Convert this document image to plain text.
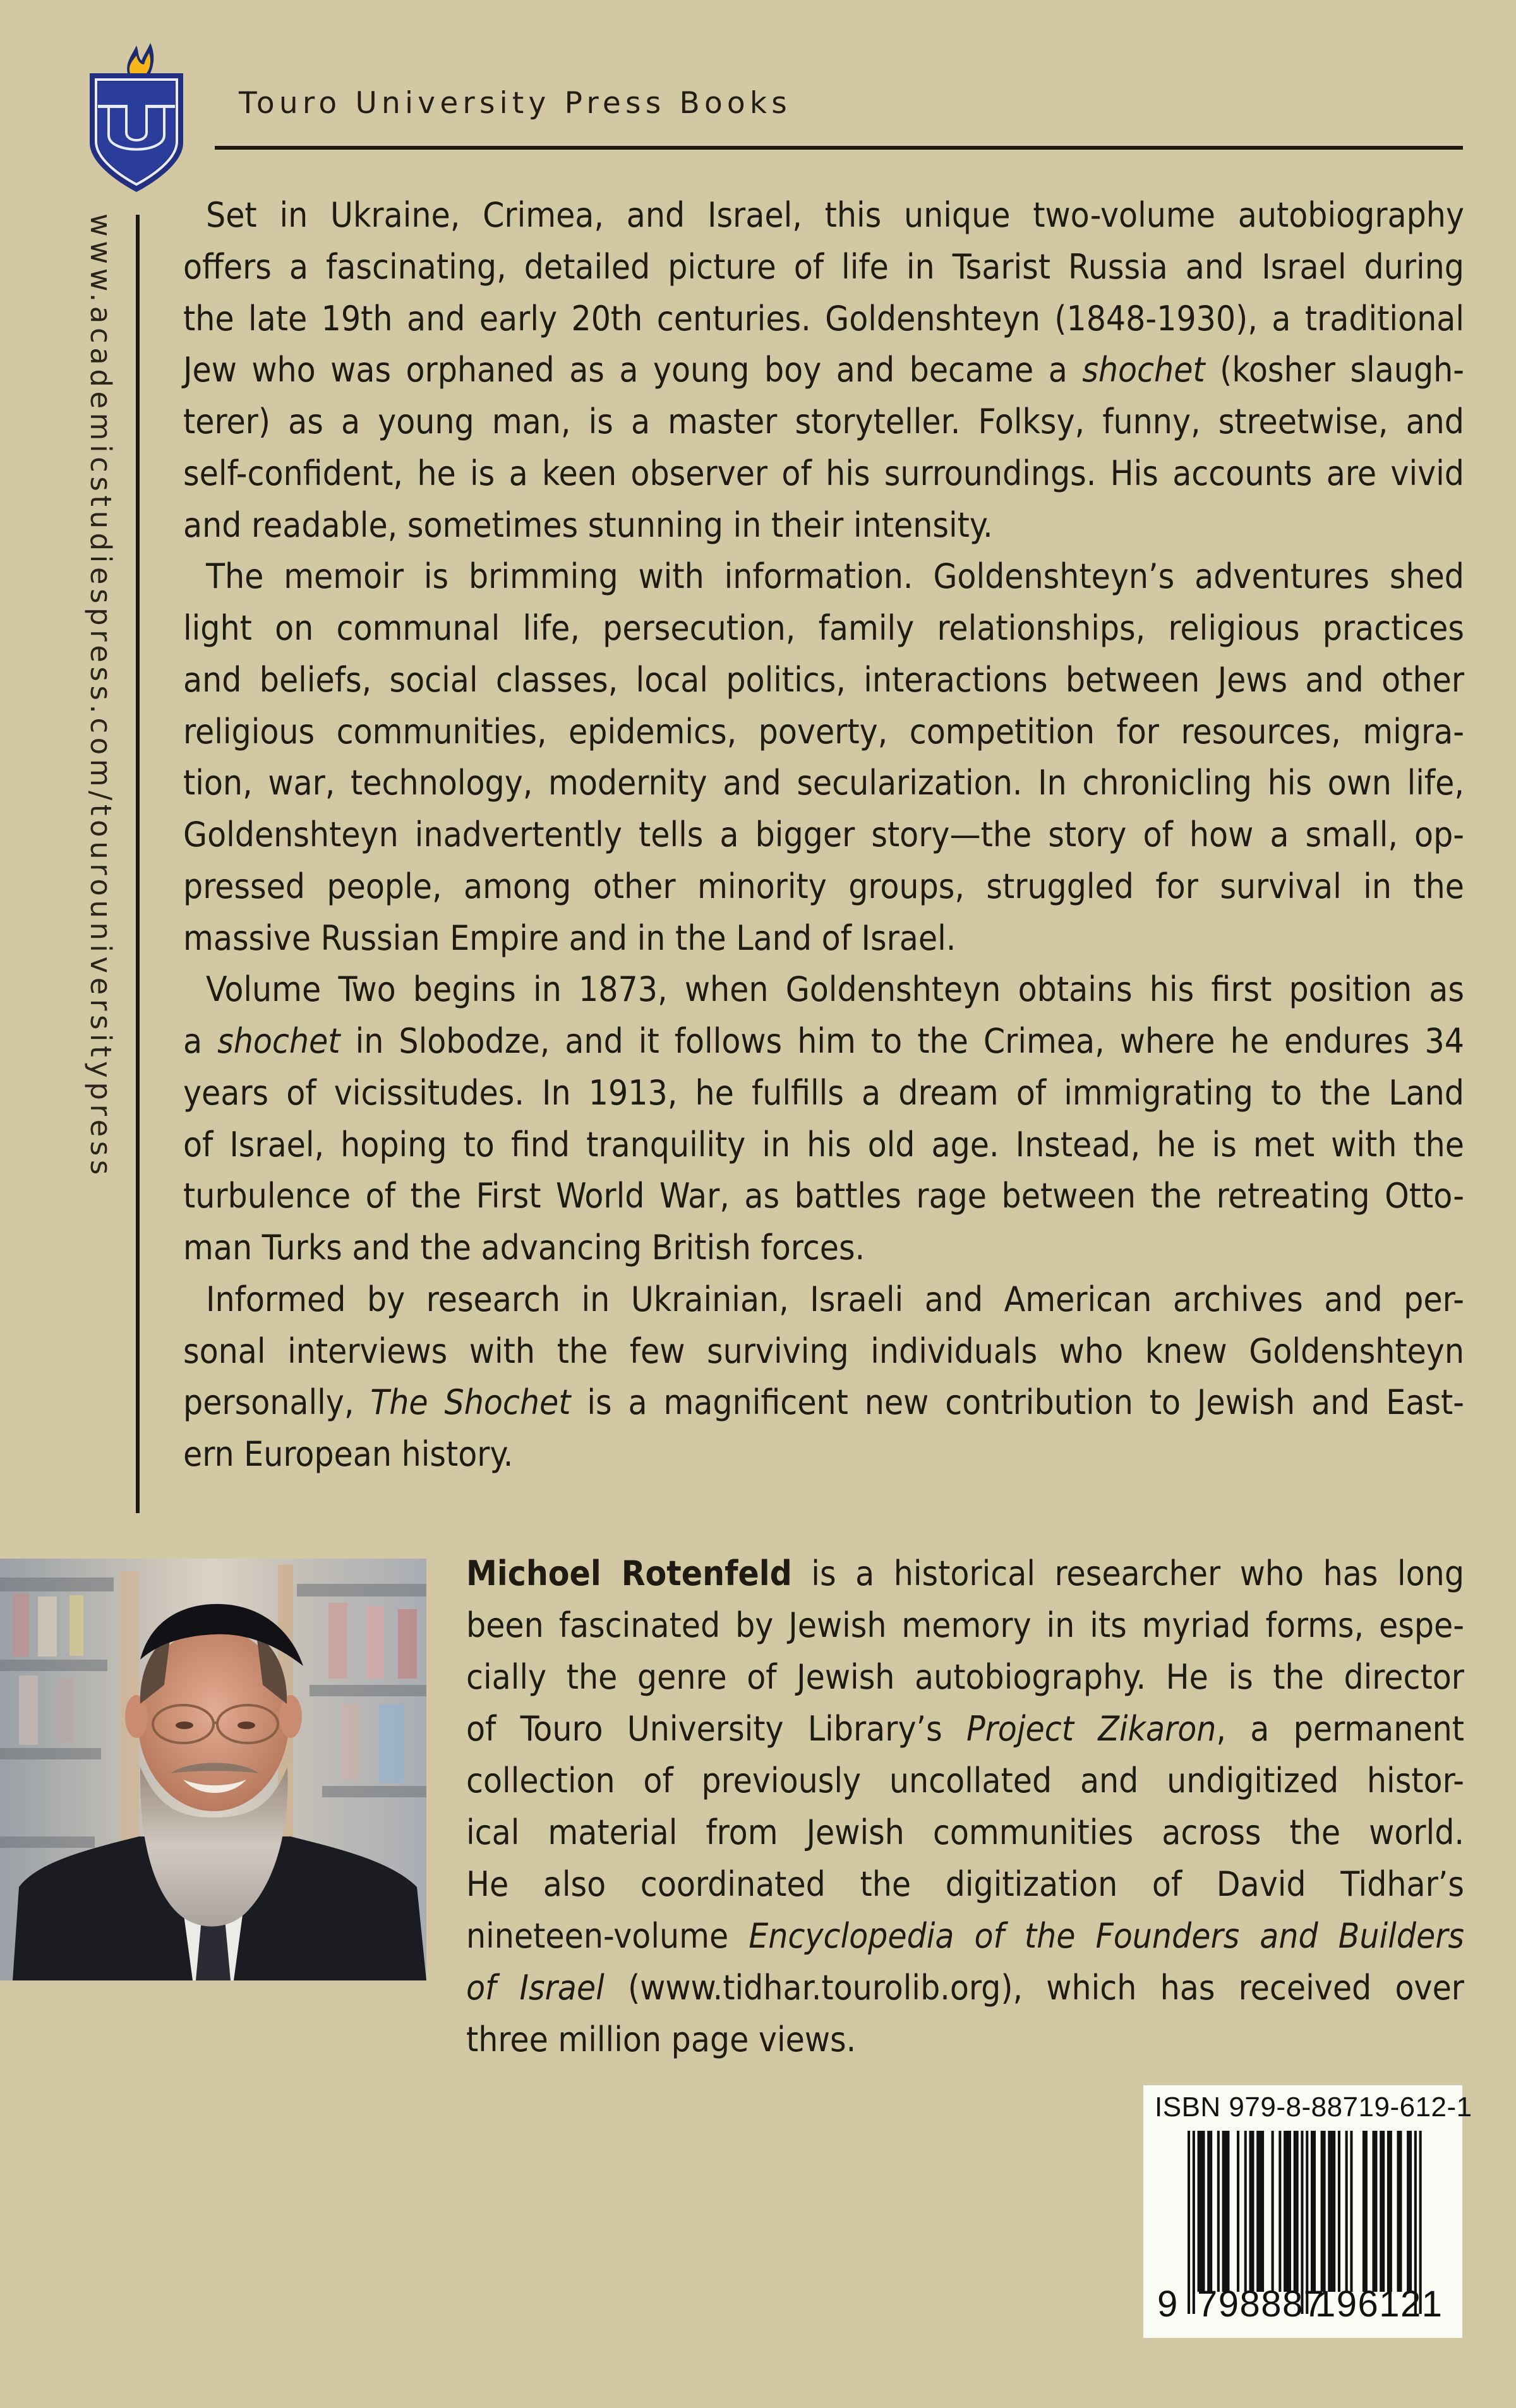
Touro University Press Books
www.academicstudiespress.com/tourouniversitypress	Set in Ukraine, Crimea, and Israel, this unique two-volume autobiography
offers a fascinating, detailed picture of life in Tsarist Russia and Israel during
the late 19th and early 20th centuries. Goldenshteyn (1848-1930), a traditional
Jew who was orphaned as a young boy and became a shochet (kosher slaugh-
terer) as a young man, is a master storyteller. Folksy, funny, streetwise, and
self-confident, he is a keen observer of his surroundings. His accounts are vivid
and readable, sometimes stunning in their intensity.

The memoir is brimming with information. Goldenshteyn’s adventures shed
light on communal life, persecution, family relationships, religious practices
and beliefs, social classes, local politics, interactions between Jews and other
religious communities, epidemics, poverty, competition for resources, migra-
tion, war, technology, modernity and secularization. In chronicling his own life,
Goldenshteyn inadvertently tells a bigger story—the story of how a small, op-
pressed people, among other minority groups, struggled for survival in the
massive Russian Empire and in the Land of Israel.

Volume Two begins in 1873, when Goldenshteyn obtains his first position as
a shochet in Slobodze, and it follows him to the Crimea, where he endures 34
years of vicissitudes. In 1913, he fulfills a dream of immigrating to the Land
of Israel, hoping to find tranquility in his old age. Instead, he is met with the
turbulence of the First World War, as battles rage between the retreating Otto-
man Turks and the advancing British forces.

Informed by research in Ukrainian, Israeli and American archives and per-
sonal interviews with the few surviving individuals who knew Goldenshteyn
personally, The Shochet is a magnificent new contribution to Jewish and East-
ern European history.

Michoel Rotenfeld is a historical researcher who has long
been fascinated by Jewish memory in its myriad forms, espe-
cially the genre of Jewish autobiography. He is the director
of Touro University Library’s Project Zikaron, a permanent
collection of previously uncollated and undigitized histor-
ical material from Jewish communities across the world.
He also coordinated the digitization of David Tidhar’s
nineteen-volume Encyclopedia of the Founders and Builders
of Israel (www.tidhar.tourolib.org), which has received over
three million page views.
ISBN 979-8-88719-612-1
9 798887
196121
